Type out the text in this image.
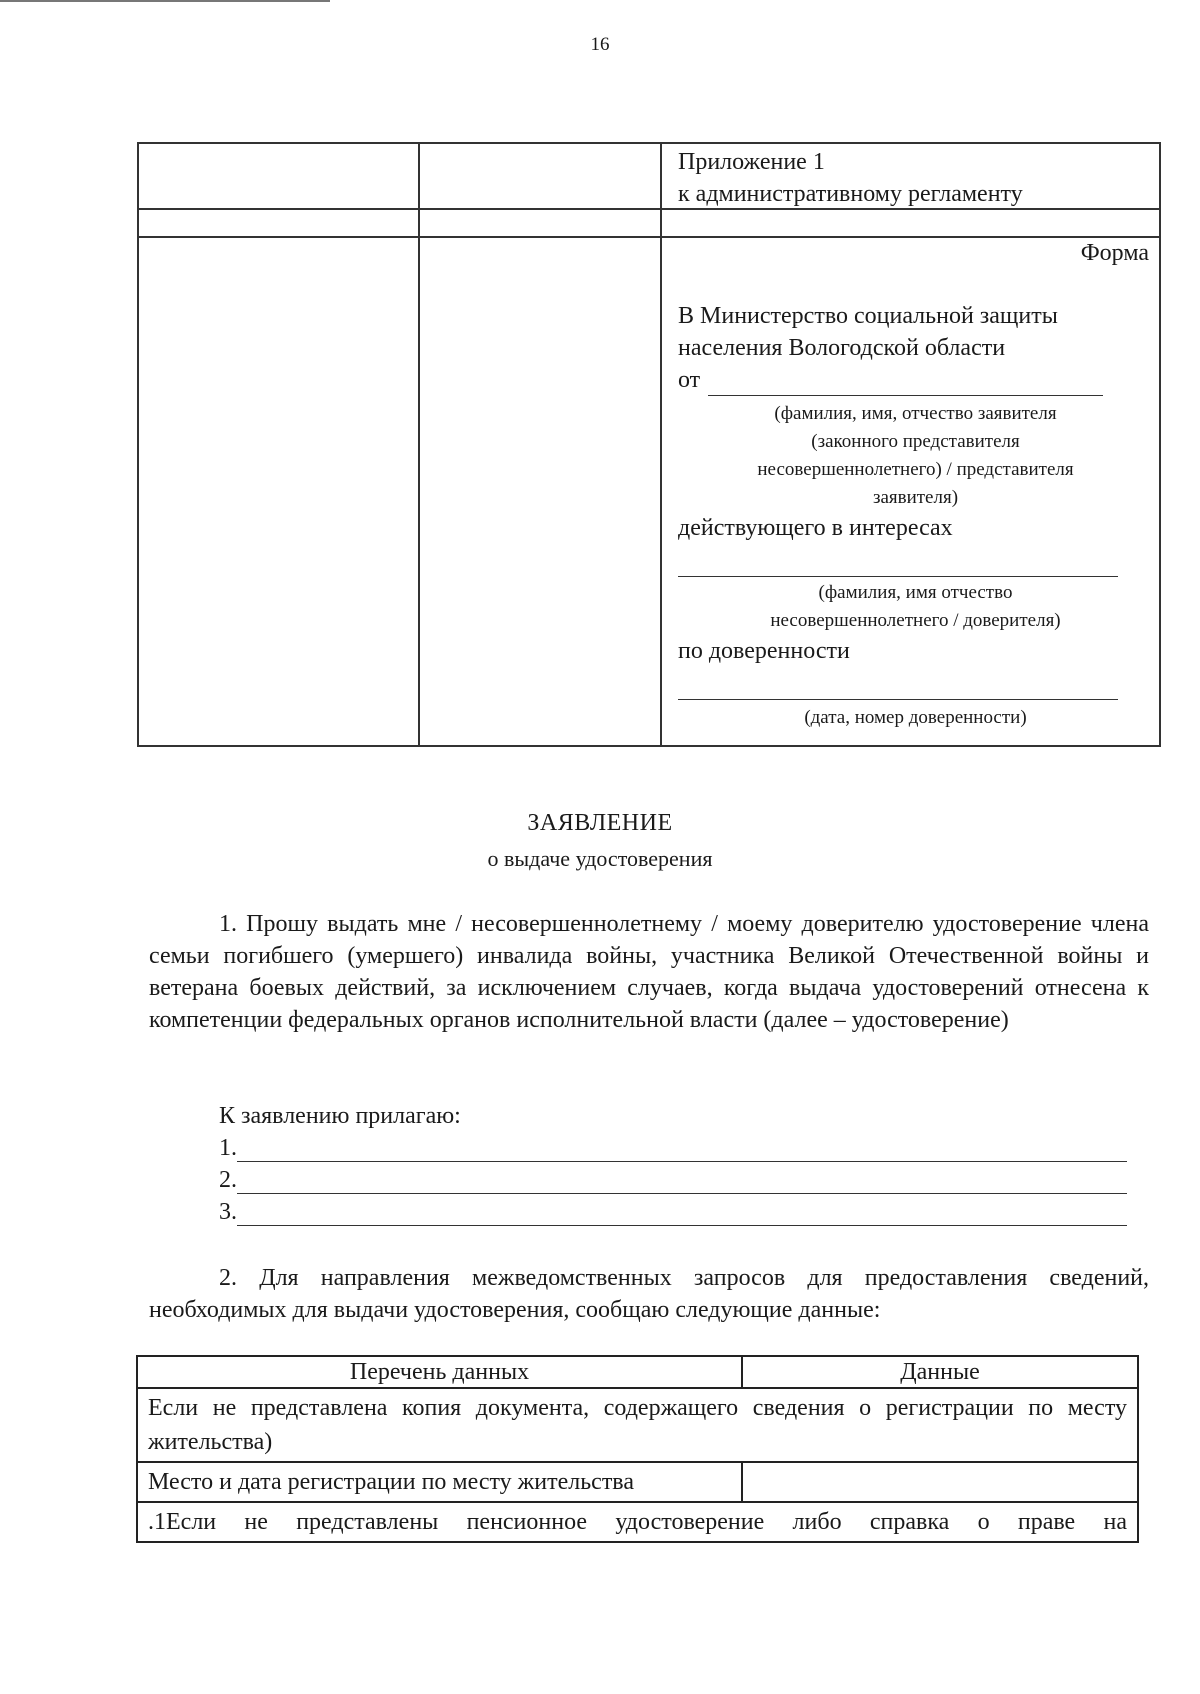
16
Приложение 1
к административному регламенту
Форма
В Министерство социальной защиты
населения Вологодской области
от
(фамилия, имя, отчество заявителя
(законного представителя
несовершеннолетнего) / представителя
заявителя)
действующего в интересах
(фамилия, имя отчество
несовершеннолетнего / доверителя)
по доверенности
(дата, номер доверенности)
ЗАЯВЛЕНИЕ
о выдаче удостоверения
1. Прошу выдать мне / несовершеннолетнему / моему доверителю удостоверение члена семьи погибшего (умершего) инвалида войны, участника Великой Отечественной войны и ветерана боевых действий, за исключением случаев, когда выдача удостоверений отнесена к компетенции федеральных органов исполнительной власти (далее – удостоверение)
К заявлению прилагаю:
1.
2.
3.
2. Для направления межведомственных запросов для предоставления сведений, необходимых для выдачи удостоверения, сообщаю следующие данные:
Перечень данных	Данные
Если не представлена копия документа, содержащего сведения о регистрации по месту жительства)	
Место и дата регистрации по месту жительства	
.1Если не представлены пенсионное удостоверение либо справка о праве на	
